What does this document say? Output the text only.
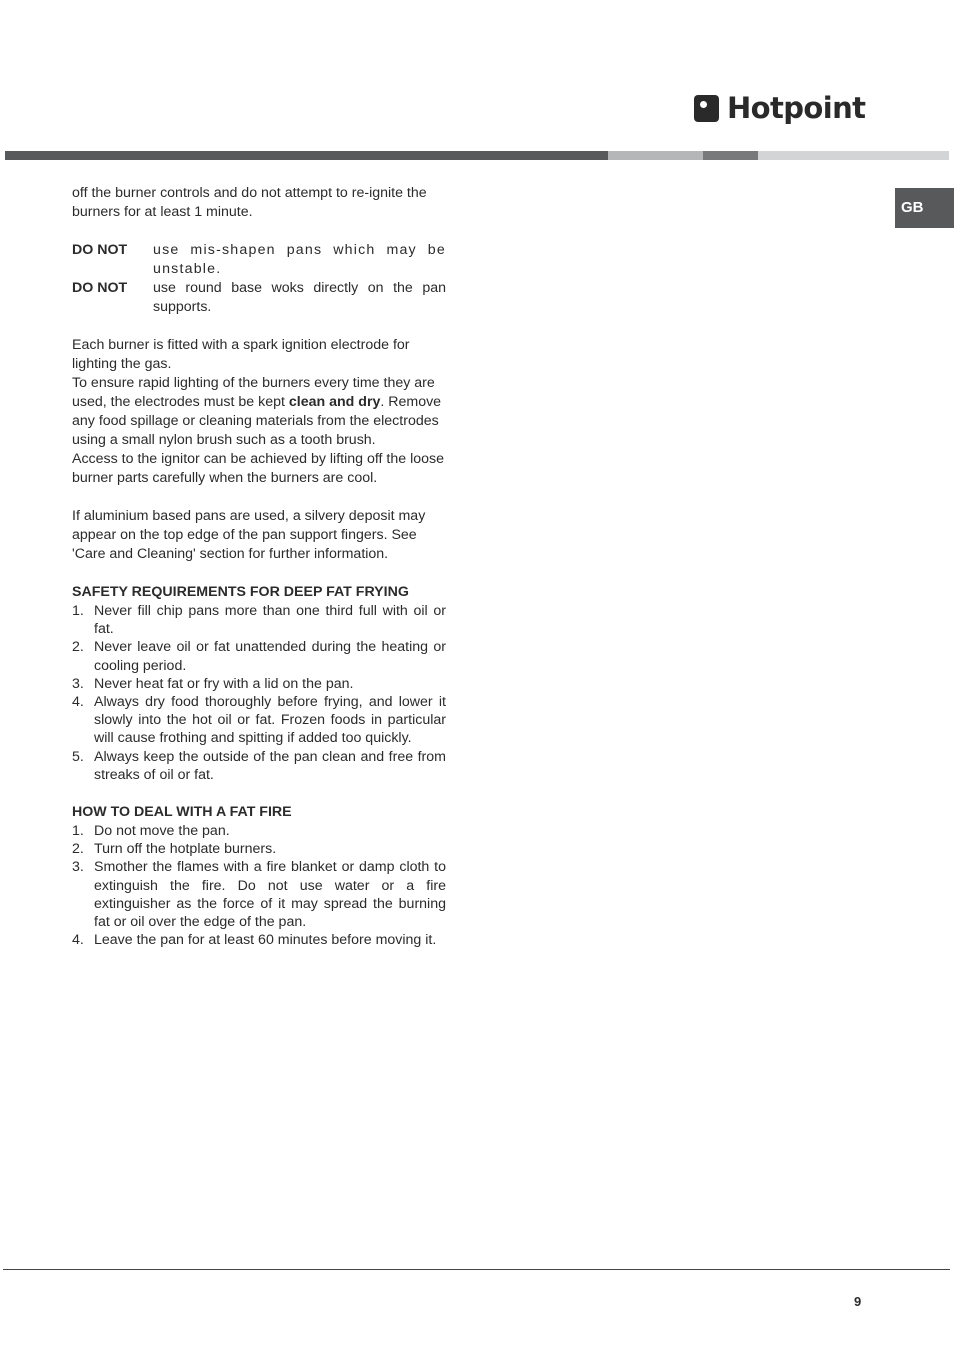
Hotpoint
GB

off the burner controls and do not attempt to re-ignite the burners for at least 1 minute.

DO NOT	use mis-shapen pans which may be unstable.
DO NOT	use round base woks directly on the pan supports.

Each burner is fitted with a spark ignition electrode for lighting the gas.

To ensure rapid lighting of the burners every time they are used, the electrodes must be kept clean and dry. Remove any food spillage or cleaning materials from the electrodes using a small nylon brush such as a tooth brush.

Access to the ignitor can be achieved by lifting off the loose burner parts carefully when the burners are cool.

If aluminium based pans are used, a silvery deposit may appear on the top edge of the pan support fingers. See 'Care and Cleaning' section for further information.

SAFETY REQUIREMENTS FOR DEEP FAT FRYING

1. Never fill chip pans more than one third full with oil or fat.
2. Never leave oil or fat unattended during the heating or cooling period.
3. Never heat fat or fry with a lid on the pan.
4. Always dry food thoroughly before frying, and lower it slowly into the hot oil or fat. Frozen foods in particular will cause frothing and spitting if added too quickly.
5. Always keep the outside of the pan clean and free from streaks of oil or fat.

HOW TO DEAL WITH A FAT FIRE

1. Do not move the pan.
2. Turn off the hotplate burners.
3. Smother the flames with a fire blanket or damp cloth to extinguish the fire. Do not use water or a fire extinguisher as the force of it may spread the burning fat or oil over the edge of the pan.
4. Leave the pan for at least 60 minutes before moving it.
9
